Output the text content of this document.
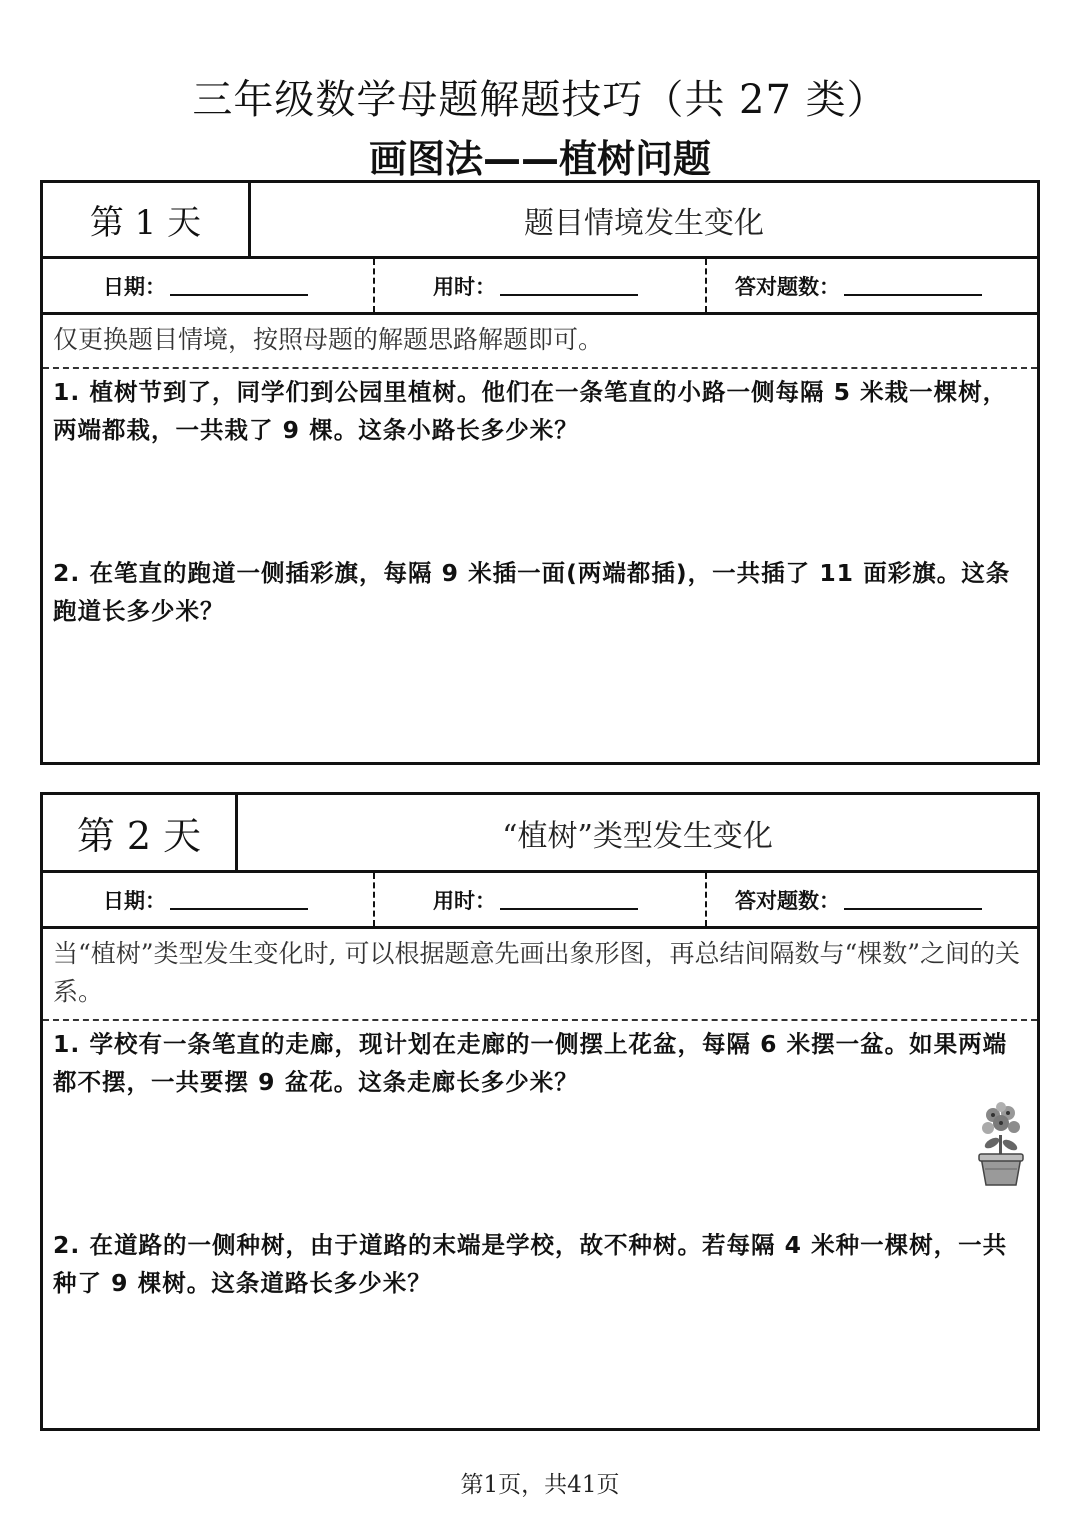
三年级数学母题解题技巧（共 27 类）
画图法——植树问题
第 1 天	题目情境发生变化
日期：	用时：	答对题数：
仅更换题目情境，按照母题的解题思路解题即可。
1. 植树节到了，同学们到公园里植树。他们在一条笔直的小路一侧每隔 5 米栽一棵树，两端都栽，一共栽了 9 棵。这条小路长多少米？
2. 在笔直的跑道一侧插彩旗，每隔 9 米插一面(两端都插)，一共插了 11 面彩旗。这条跑道长多少米？
第 2 天	“植树”类型发生变化
日期：	用时：	答对题数：
当“植树”类型发生变化时, 可以根据题意先画出象形图，再总结间隔数与“棵数”之间的关系。
1. 学校有一条笔直的走廊，现计划在走廊的一侧摆上花盆，每隔 6 米摆一盆。如果两端都不摆，一共要摆 9 盆花。这条走廊长多少米？
2. 在道路的一侧种树，由于道路的末端是学校，故不种树。若每隔 4 米种一棵树，一共种了 9 棵树。这条道路长多少米？
第1页，共41页
